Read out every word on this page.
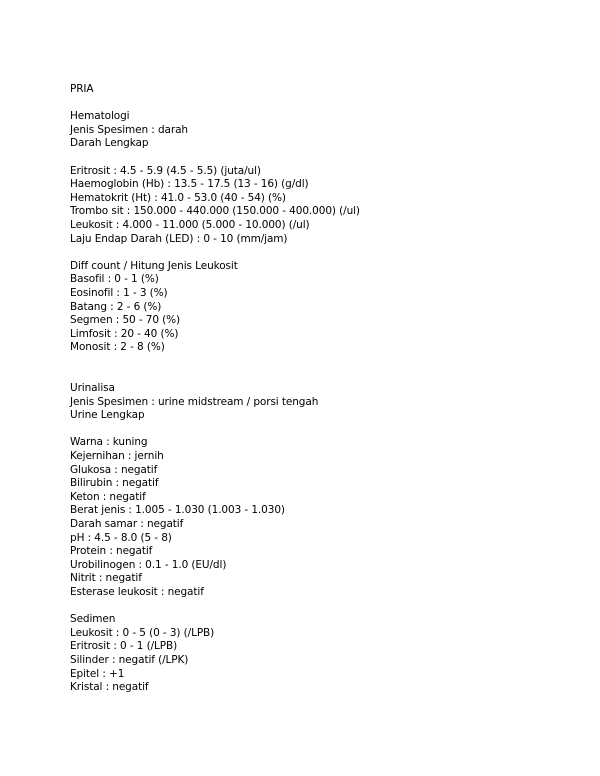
PRIA
Hematologi
Jenis Spesimen : darah
Darah Lengkap
Eritrosit : 4.5 - 5.9 (4.5 - 5.5) (juta/ul)
Haemoglobin (Hb) : 13.5 - 17.5 (13 - 16) (g/dl)
Hematokrit (Ht) : 41.0 - 53.0 (40 - 54) (%)
Trombo sit : 150.000 - 440.000 (150.000 - 400.000) (/ul)
Leukosit : 4.000 - 11.000 (5.000 - 10.000) (/ul)
Laju Endap Darah (LED) : 0 - 10 (mm/jam)
Diff count / Hitung Jenis Leukosit
Basofil : 0 - 1 (%)
Eosinofil : 1 - 3 (%)
Batang : 2 - 6 (%)
Segmen : 50 - 70 (%)
Limfosit : 20 - 40 (%)
Monosit : 2 - 8 (%)
Urinalisa
Jenis Spesimen : urine midstream / porsi tengah
Urine Lengkap
Warna : kuning
Kejernihan : jernih
Glukosa : negatif
Bilirubin : negatif
Keton : negatif
Berat jenis : 1.005 - 1.030 (1.003 - 1.030)
Darah samar : negatif
pH : 4.5 - 8.0 (5 - 8)
Protein : negatif
Urobilinogen : 0.1 - 1.0 (EU/dl)
Nitrit : negatif
Esterase leukosit : negatif
Sedimen
Leukosit : 0 - 5 (0 - 3) (/LPB)
Eritrosit : 0 - 1 (/LPB)
Silinder : negatif (/LPK)
Epitel : +1
Kristal : negatif
